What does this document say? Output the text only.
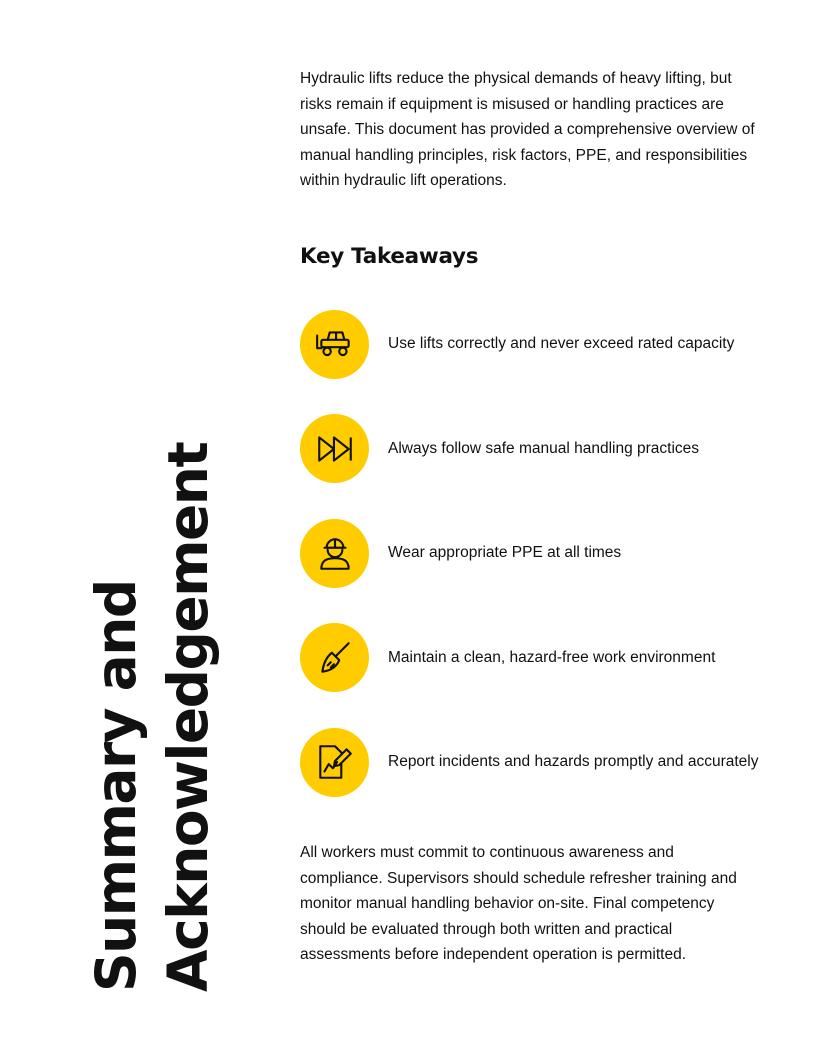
Summary and Acknowledgement

Hydraulic lifts reduce the physical demands of heavy lifting, but risks remain if equipment is misused or handling practices are unsafe. This document has provided a comprehensive overview of manual handling principles, risk factors, PPE, and responsibilities within hydraulic lift operations.

Key Takeaways
Use lifts correctly and never exceed rated capacity
Always follow safe manual handling practices
Wear appropriate PPE at all times
Maintain a clean, hazard-free work environment
Report incidents and hazards promptly and accurately

All workers must commit to continuous awareness and compliance. Supervisors should schedule refresher training and monitor manual handling behavior on-site. Final competency should be evaluated through both written and practical assessments before independent operation is permitted.
